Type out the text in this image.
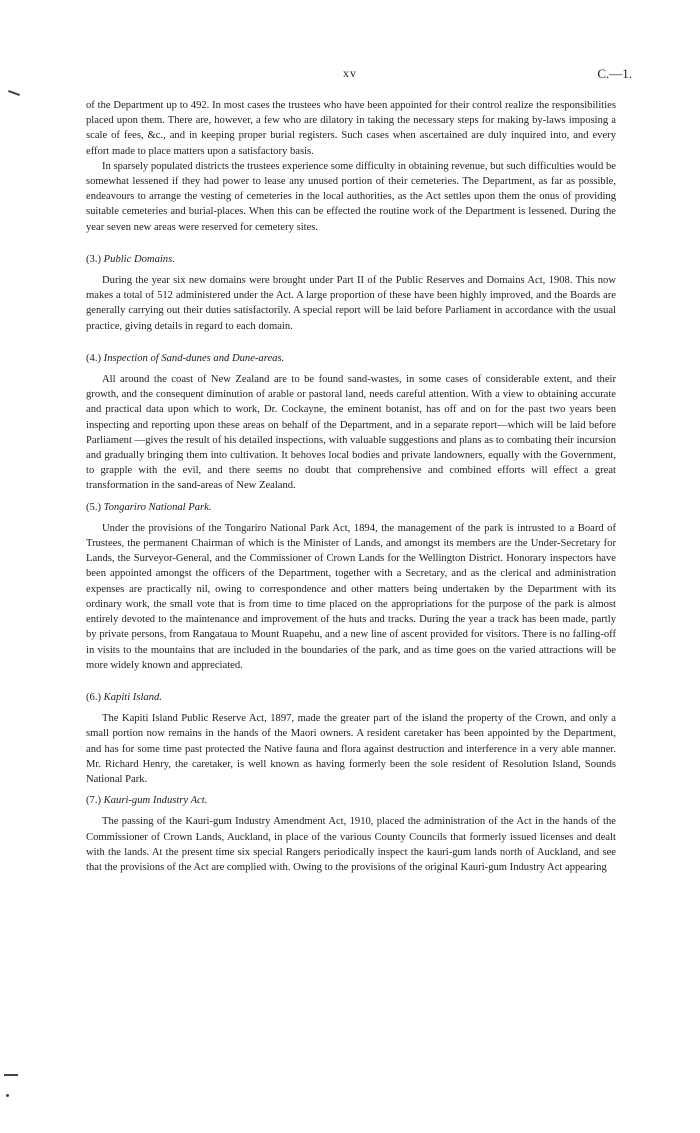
xv	C.—1.

of the Department up to 492. In most cases the trustees who have been appointed for their control realize the responsibilities placed upon them. There are, however, a few who are dilatory in taking the necessary steps for making by-laws imposing a scale of fees, &c., and in keeping proper burial registers. Such cases when ascertained are duly inquired into, and every effort made to place matters upon a satisfactory basis.

In sparsely populated districts the trustees experience some difficulty in obtaining revenue, but such difficulties would be somewhat lessened if they had power to lease any unused portion of their cemeteries. The Department, as far as possible, endeavours to arrange the vesting of cemeteries in the local authorities, as the Act settles upon them the onus of providing suitable cemeteries and burial-places. When this can be effected the routine work of the Department is lessened. During the year seven new areas were reserved for cemetery sites.

(3.) Public Domains.

During the year six new domains were brought under Part II of the Public Reserves and Domains Act, 1908. This now makes a total of 512 administered under the Act. A large proportion of these have been highly improved, and the Boards are generally carrying out their duties satisfactorily. A special report will be laid before Parliament in accordance with the usual practice, giving details in regard to each domain.

(4.) Inspection of Sand-dunes and Dune-areas.

All around the coast of New Zealand are to be found sand-wastes, in some cases of considerable extent, and their growth, and the consequent diminution of arable or pastoral land, needs careful attention. With a view to obtaining accurate and practical data upon which to work, Dr. Cockayne, the eminent botanist, has off and on for the past two years been inspecting and reporting upon these areas on behalf of the Department, and in a separate report—which will be laid before Parliament —gives the result of his detailed inspections, with valuable suggestions and plans as to combating their incursion and gradually bringing them into cultivation. It behoves local bodies and private landowners, equally with the Government, to grapple with the evil, and there seems no doubt that comprehensive and combined efforts will effect a great transformation in the sand-areas of New Zealand.

(5.) Tongariro National Park.

Under the provisions of the Tongariro National Park Act, 1894, the management of the park is intrusted to a Board of Trustees, the permanent Chairman of which is the Minister of Lands, and amongst its members are the Under-Secretary for Lands, the Surveyor-General, and the Commissioner of Crown Lands for the Wellington District. Honorary inspectors have been appointed amongst the officers of the Department, together with a Secretary, and as the clerical and administration expenses are practically nil, owing to correspondence and other matters being undertaken by the Department with its ordinary work, the small vote that is from time to time placed on the appropriations for the purpose of the park is almost entirely devoted to the maintenance and improvement of the huts and tracks. During the year a track has been made, partly by private persons, from Rangataua to Mount Ruapehu, and a new line of ascent provided for visitors. There is no falling-off in visits to the mountains that are included in the boundaries of the park, and as time goes on the varied attractions will be more widely known and appreciated.

(6.) Kapiti Island.

The Kapiti Island Public Reserve Act, 1897, made the greater part of the island the property of the Crown, and only a small portion now remains in the hands of the Maori owners. A resident caretaker has been appointed by the Department, and has for some time past protected the Native fauna and flora against destruction and interference in a very able manner. Mr. Richard Henry, the caretaker, is well known as having formerly been the sole resident of Resolution Island, Sounds National Park.

(7.) Kauri-gum Industry Act.

The passing of the Kauri-gum Industry Amendment Act, 1910, placed the administration of the Act in the hands of the Commissioner of Crown Lands, Auckland, in place of the various County Councils that formerly issued licenses and dealt with the lands. At the present time six special Rangers periodically inspect the kauri-gum lands north of Auckland, and see that the provisions of the Act are complied with. Owing to the provisions of the original Kauri-gum Industry Act appearing
